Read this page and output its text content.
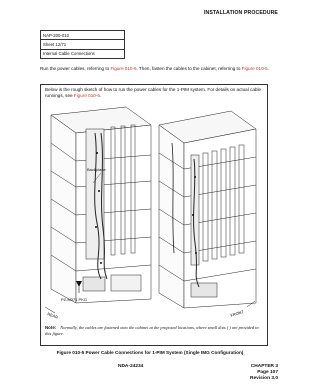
INSTALLATION PROCEDURE
NAP-200-010
Sheet 12/71
Internal Cable Connections
Run the power cables, referring to Figure 010-6. Then, fasten the cables to the cabinet, referring to Figure 010-5.
Below is the rough sketch of how to run the power cables for the 1-PIM system. For details on actual cable runnings, see Figure 010-6.
Backplane
PZ-M371 PKG
REAR	FRONT
Note: Normally, the cables are fastened onto the cabinet at the proposed locations, where small dots ( ) are provided in this figure.
Figure 010-5 Power Cable Connections for 1-PIM System (Single IMG Configuration)
NDA-24234	CHAPTER 3
Page 107
Revision 3.0
